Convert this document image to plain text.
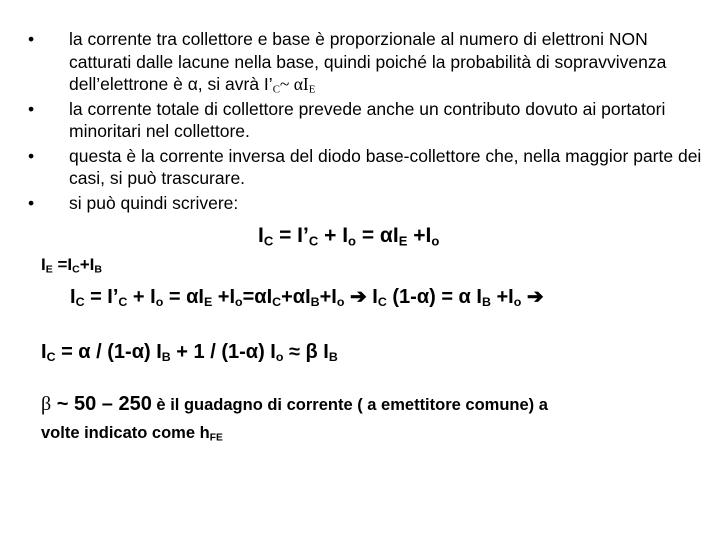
• la corrente tra collettore e base è proporzionale al numero di elettroni NON catturati dalle lacune nella base, quindi poiché la probabilità di sopravvivenza dell’elettrone è α, si avrà $I’_C\sim$ $\alpha I_E$
• la corrente totale di collettore prevede anche un contributo dovuto ai portatori minoritari nel collettore.
• questa è la corrente inversa del diodo base-collettore che, nella maggior parte dei casi, si può trascurare.
• si può quindi scrivere:
$I_C$ = $I’_C + I_o = \alpha I_E +I_o$
$I_E =I_C+I_B$
$I_C$ = $I’_C + I_o = \alpha I_E +I_o=\alpha I_C+\alpha I_B+I_o$ ➔ $I_C$ (1-α) = α $I_B +I_o$ ➔
$I_C = \alpha / (1-\alpha) I_B + 1 / (1-\alpha) I_o \approx \beta$ $I_B$
β ~ 50 – 250 è il guadagno di corrente ( a emettitore comune) a
volte indicato come $h_{FE}$
